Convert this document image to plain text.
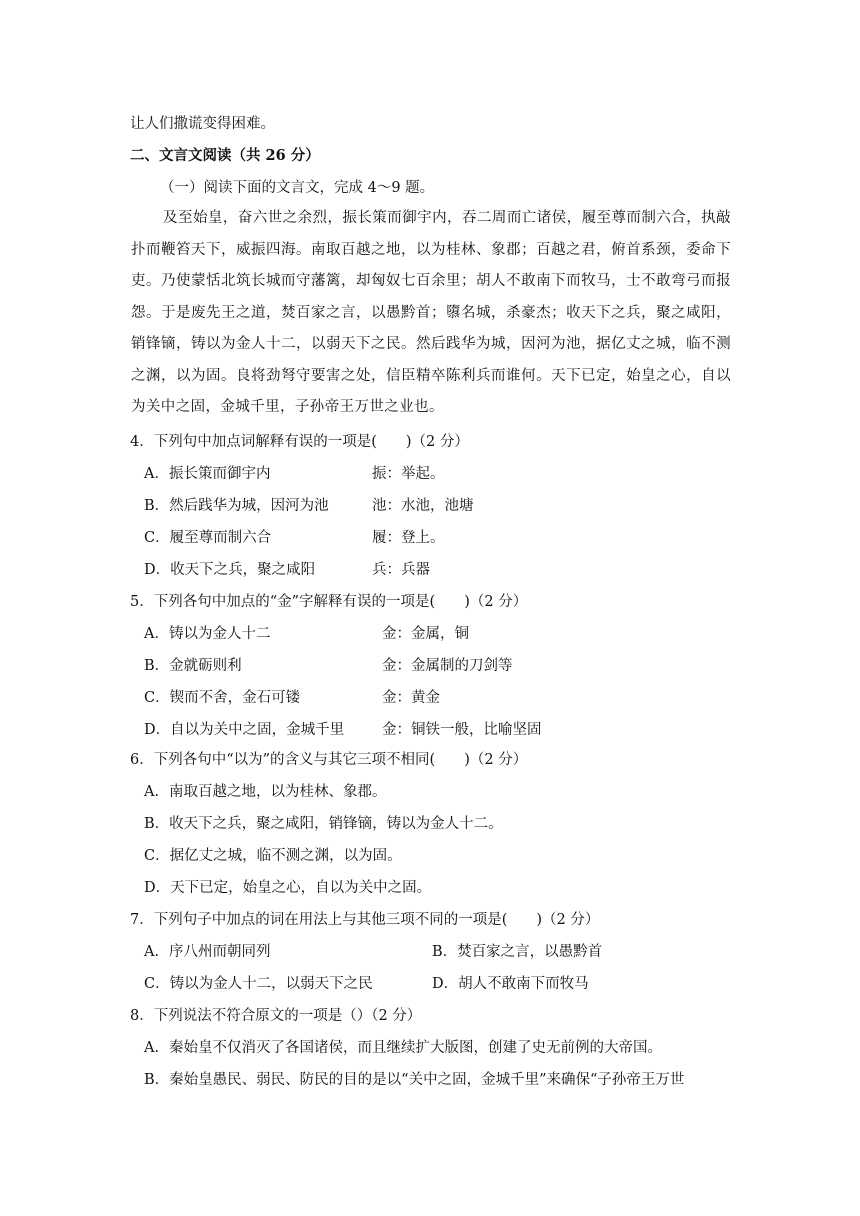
让人们撒谎变得困难。
二、文言文阅读（共 26 分）
（一）阅读下面的文言文，完成 4～9 题。
及至始皇，奋六世之余烈，振长策而御宇内，吞二周而亡诸侯，履至尊而制六合，执敲扑而鞭笞天下，威振四海。南取百越之地，以为桂林、象郡；百越之君，俯首系颈，委命下吏。乃使蒙恬北筑长城而守藩篱，却匈奴七百余里；胡人不敢南下而牧马，士不敢弯弓而报怨。于是废先王之道，焚百家之言，以愚黔首；隳名城，杀豪杰；收天下之兵，聚之咸阳，销锋镝，铸以为金人十二，以弱天下之民。然后践华为城，因河为池，据亿丈之城，临不测之渊，以为固。良将劲弩守要害之处，信臣精卒陈利兵而谁何。天下已定，始皇之心，自以为关中之固，金城千里，子孙帝王万世之业也。
4．下列句中加点词解释有误的一项是(　　)（2 分）
A．振长策而御宇内	振：举起。
B．然后践华为城，因河为池	池：水池，池塘
C．履至尊而制六合	履：登上。
D．收天下之兵，聚之咸阳	兵：兵器
5．下列各句中加点的“金”字解释有误的一项是(　　)（2 分）
A．铸以为金人十二	金：金属，铜
B．金就砺则利	金：金属制的刀剑等
C．锲而不舍，金石可镂	金：黄金
D．自以为关中之固，金城千里	金：铜铁一般，比喻坚固
6．下列各句中“以为”的含义与其它三项不相同(　　)（2 分）
A．南取百越之地，以为桂林、象郡。
B．收天下之兵，聚之咸阳，销锋镝，铸以为金人十二。
C．据亿丈之城，临不测之渊，以为固。
D．天下已定，始皇之心，自以为关中之固。
7．下列句子中加点的词在用法上与其他三项不同的一项是(　　)（2 分）
A．序八州而朝同列	B．焚百家之言，以愚黔首
C．铸以为金人十二，以弱天下之民	D．胡人不敢南下而牧马
8．下列说法不符合原文的一项是（）（2 分）
A．秦始皇不仅消灭了各国诸侯，而且继续扩大版图，创建了史无前例的大帝国。
B．秦始皇愚民、弱民、防民的目的是以“关中之固，金城千里”来确保“子孙帝王万世
